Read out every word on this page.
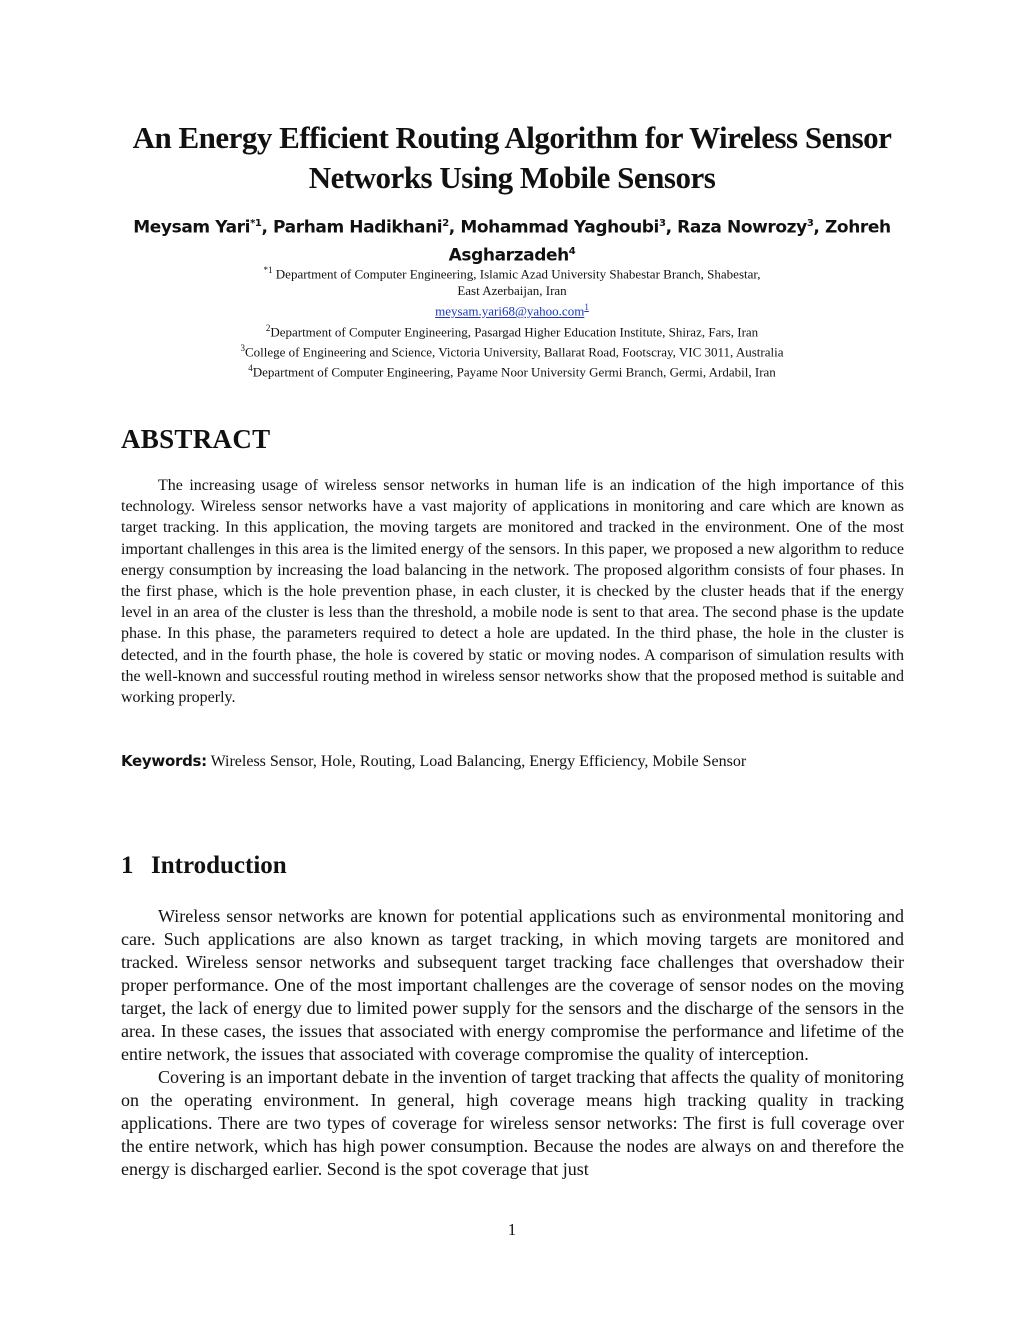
An Energy Efficient Routing Algorithm for Wireless Sensor
Networks Using Mobile Sensors
Meysam Yari$^{*1}$, Parham Hadikhani$^2$, Mohammad Yaghoubi$^3$, Raza Nowrozy$^3$, Zohreh Asgharzadeh$^4$
$^{*1}$ Department of Computer Engineering, Islamic Azad University Shabestar Branch, Shabestar,
East Azerbaijan, Iran
meysam.yari68@yahoo.com$^1$
$^2$Department of Computer Engineering, Pasargad Higher Education Institute, Shiraz, Fars, Iran
$^3$College of Engineering and Science, Victoria University, Ballarat Road, Footscray, VIC 3011, Australia
$^4$Department of Computer Engineering, Payame Noor University Germi Branch, Germi, Ardabil, Iran
ABSTRACT

The increasing usage of wireless sensor networks in human life is an indication of the high importance of this technology. Wireless sensor networks have a vast majority of applications in monitoring and care which are known as target tracking. In this application, the moving targets are monitored and tracked in the environment. One of the most important challenges in this area is the limited energy of the sensors. In this paper, we proposed a new algorithm to reduce energy consumption by increasing the load balancing in the network. The proposed algorithm consists of four phases. In the first phase, which is the hole prevention phase, in each cluster, it is checked by the cluster heads that if the energy level in an area of the cluster is less than the threshold, a mobile node is sent to that area. The second phase is the update phase. In this phase, the parameters required to detect a hole are updated. In the third phase, the hole in the cluster is detected, and in the fourth phase, the hole is covered by static or moving nodes. A comparison of simulation results with the well-known and successful routing method in wireless sensor networks show that the proposed method is suitable and working properly.

Keywords: Wireless Sensor, Hole, Routing, Load Balancing, Energy Efficiency, Mobile Sensor
1 Introduction

Wireless sensor networks are known for potential applications such as environmental monitoring and care. Such applications are also known as target tracking, in which moving targets are monitored and tracked. Wireless sensor networks and subsequent target tracking face challenges that overshadow their proper performance. One of the most important challenges are the coverage of sensor nodes on the moving target, the lack of energy due to limited power supply for the sensors and the discharge of the sensors in the area. In these cases, the issues that associated with energy compromise the performance and lifetime of the entire network, the issues that associated with coverage compromise the quality of interception.

Covering is an important debate in the invention of target tracking that affects the quality of monitoring on the operating environment. In general, high coverage means high tracking quality in tracking applications. There are two types of coverage for wireless sensor networks: The first is full coverage over the entire network, which has high power consumption. Because the nodes are always on and therefore the energy is discharged earlier. Second is the spot coverage that just

1
